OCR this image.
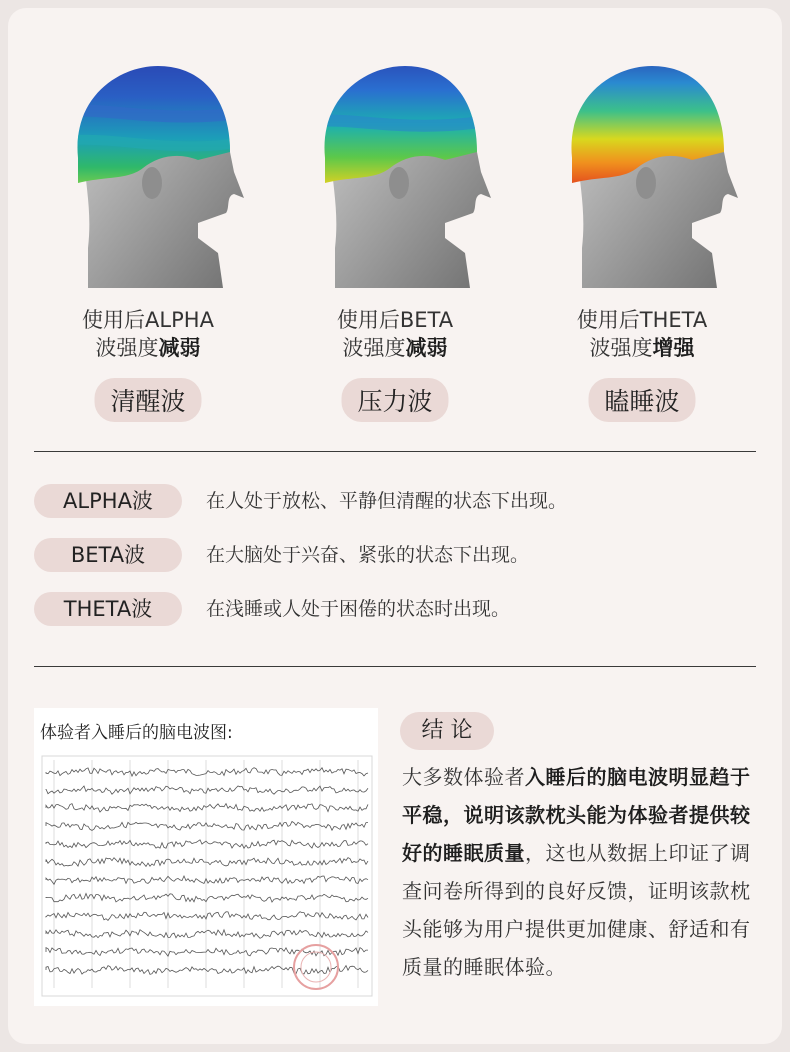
使用后ALPHA
波强度减弱
清醒波
使用后BETA
波强度减弱
压力波
使用后THETA
波强度增强
瞌睡波
ALPHA波	在人处于放松、平静但清醒的状态下出现。
BETA波	在大脑处于兴奋、紧张的状态下出现。
THETA波	在浅睡或人处于困倦的状态时出现。
体验者入睡后的脑电波图:	结 论
大多数体验者入睡后的脑电波明显趋于平稳，说明该款枕头能为体验者提供较好的睡眠质量，这也从数据上印证了调查问卷所得到的良好反馈，证明该款枕头能够为用户提供更加健康、舒适和有质量的睡眠体验。
